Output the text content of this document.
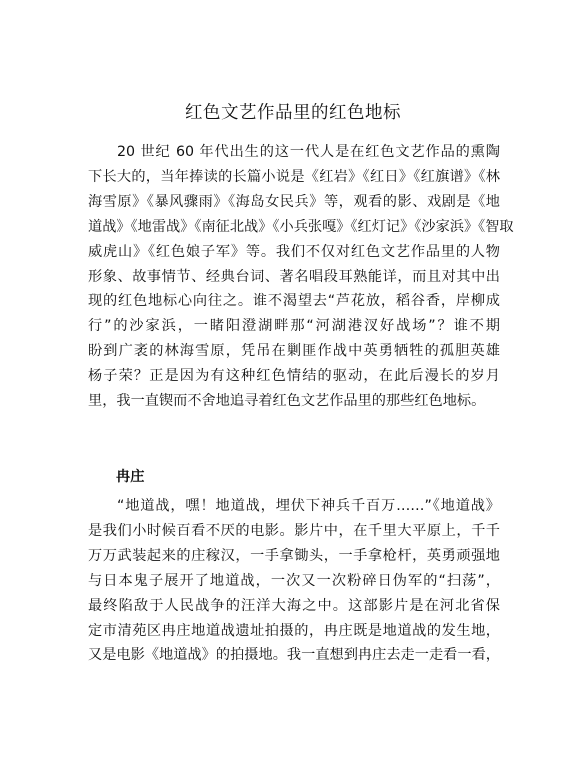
红色文艺作品里的红色地标

20 世纪 60 年代出生的这一代人是在红色文艺作品的熏陶
下长大的，当年捧读的长篇小说是《红岩》《红日》《红旗谱》《林
海雪原》《暴风骤雨》《海岛女民兵》等，观看的影、戏剧是《地
道战》《地雷战》《南征北战》《小兵张嘎》《红灯记》《沙家浜》《智取
威虎山》《红色娘子军》等。我们不仅对红色文艺作品里的人物
形象、故事情节、经典台词、著名唱段耳熟能详，而且对其中出
现的红色地标心向往之。谁不渴望去“芦花放，稻谷香，岸柳成
行”的沙家浜，一睹阳澄湖畔那“河湖港汊好战场”？谁不期
盼到广袤的林海雪原，凭吊在剿匪作战中英勇牺牲的孤胆英雄
杨子荣？正是因为有这种红色情结的驱动，在此后漫长的岁月
里，我一直锲而不舍地追寻着红色文艺作品里的那些红色地标。

冉庄

“地道战，嘿！地道战，埋伏下神兵千百万……”《地道战》
是我们小时候百看不厌的电影。影片中，在千里大平原上，千千
万万武装起来的庄稼汉，一手拿锄头，一手拿枪杆，英勇顽强地
与日本鬼子展开了地道战，一次又一次粉碎日伪军的“扫荡”，
最终陷敌于人民战争的汪洋大海之中。这部影片是在河北省保
定市清苑区冉庄地道战遗址拍摄的，冉庄既是地道战的发生地，
又是电影《地道战》的拍摄地。我一直想到冉庄去走一走看一看，
